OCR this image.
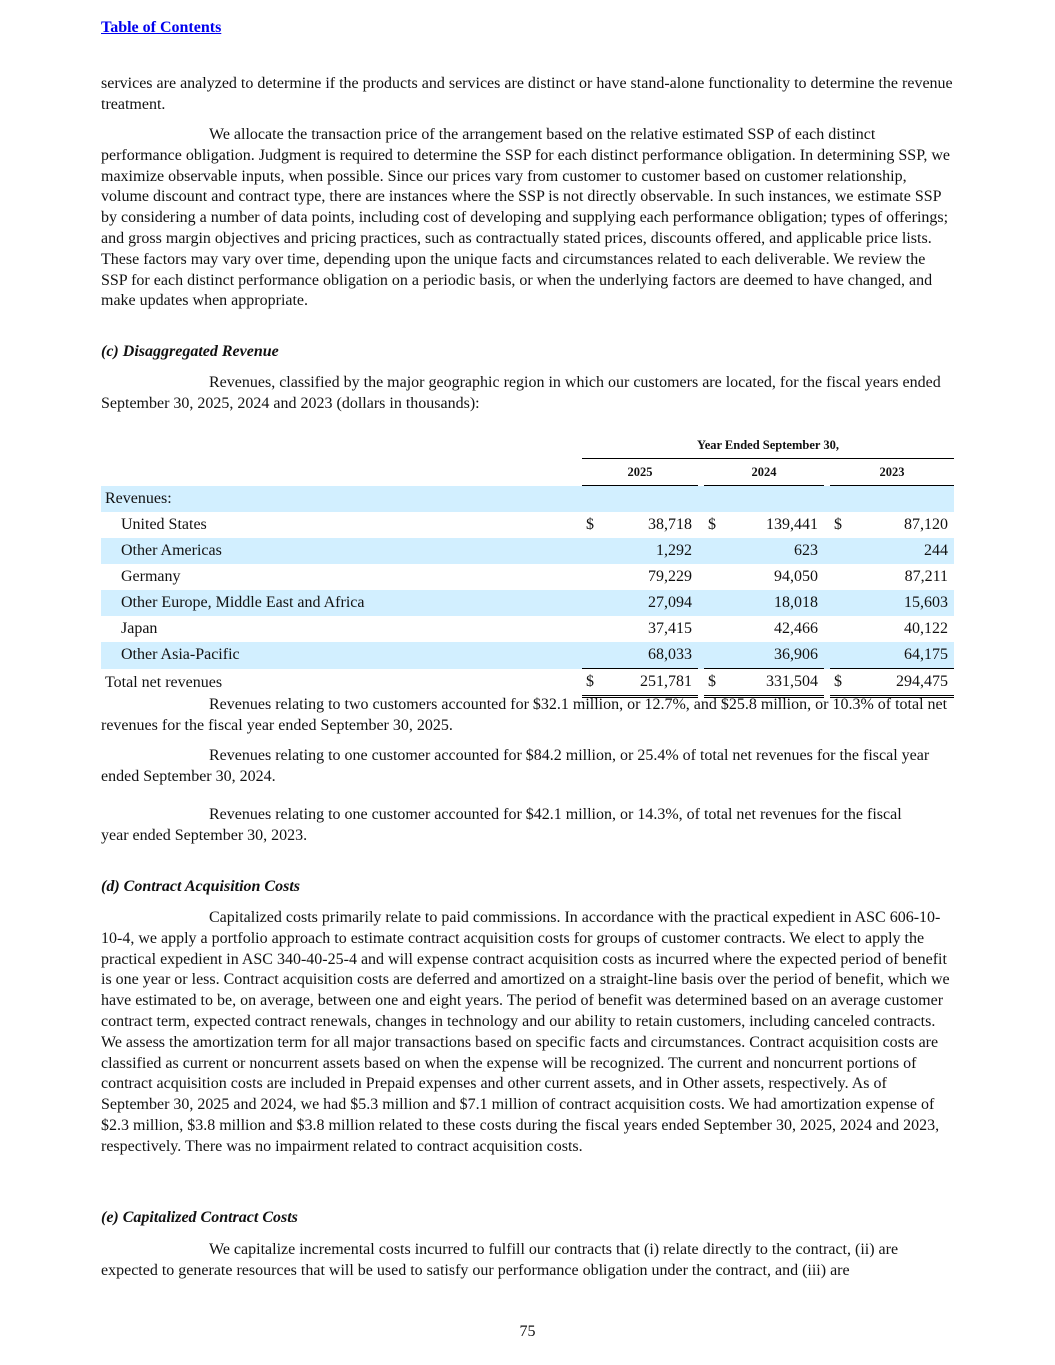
Table of Contents

services are analyzed to determine if the products and services are distinct or have stand-alone functionality to determine the revenue treatment.

We allocate the transaction price of the arrangement based on the relative estimated SSP of each distinct performance obligation. Judgment is required to determine the SSP for each distinct performance obligation. In determining SSP, we maximize observable inputs, when possible. Since our prices vary from customer to customer based on customer relationship, volume discount and contract type, there are instances where the SSP is not directly observable. In such instances, we estimate SSP by considering a number of data points, including cost of developing and supplying each performance obligation; types of offerings; and gross margin objectives and pricing practices, such as contractually stated prices, discounts offered, and applicable price lists. These factors may vary over time, depending upon the unique facts and circumstances related to each deliverable. We review the SSP for each distinct performance obligation on a periodic basis, or when the underlying factors are deemed to have changed, and make updates when appropriate.

(c) Disaggregated Revenue

Revenues, classified by the major geographic region in which our customers are located, for the fiscal years ended September 30, 2025, 2024 and 2023 (dollars in thousands):

	Year Ended September 30,							
	2025			2024			2023	
Revenues:								
United States	$	38,718		$	139,441		$	87,120
Other Americas		1,292			623			244
Germany		79,229			94,050			87,211
Other Europe, Middle East and Africa		27,094			18,018			15,603
Japan		37,415			42,466			40,122
Other Asia-Pacific		68,033			36,906			64,175
Total net revenues	$	251,781		$	331,504		$	294,475

Revenues relating to two customers accounted for $32.1 million, or 12.7%, and $25.8 million, or 10.3% of total net revenues for the fiscal year ended September 30, 2025.

Revenues relating to one customer accounted for $84.2 million, or 25.4% of total net revenues for the fiscal year ended September 30, 2024.

Revenues relating to one customer accounted for $42.1 million, or 14.3%, of total net revenues for the fiscal year ended September 30, 2023.

(d) Contract Acquisition Costs

Capitalized costs primarily relate to paid commissions. In accordance with the practical expedient in ASC 606-10-10-4, we apply a portfolio approach to estimate contract acquisition costs for groups of customer contracts. We elect to apply the practical expedient in ASC 340-40-25-4 and will expense contract acquisition costs as incurred where the expected period of benefit is one year or less. Contract acquisition costs are deferred and amortized on a straight-line basis over the period of benefit, which we have estimated to be, on average, between one and eight years. The period of benefit was determined based on an average customer contract term, expected contract renewals, changes in technology and our ability to retain customers, including canceled contracts. We assess the amortization term for all major transactions based on specific facts and circumstances. Contract acquisition costs are classified as current or noncurrent assets based on when the expense will be recognized. The current and noncurrent portions of contract acquisition costs are included in Prepaid expenses and other current assets, and in Other assets, respectively. As of September 30, 2025 and 2024, we had $5.3 million and $7.1 million of contract acquisition costs. We had amortization expense of $2.3 million, $3.8 million and $3.8 million related to these costs during the fiscal years ended September 30, 2025, 2024 and 2023, respectively. There was no impairment related to contract acquisition costs.

(e) Capitalized Contract Costs

We capitalize incremental costs incurred to fulfill our contracts that (i) relate directly to the contract, (ii) are expected to generate resources that will be used to satisfy our performance obligation under the contract, and (iii) are

75
